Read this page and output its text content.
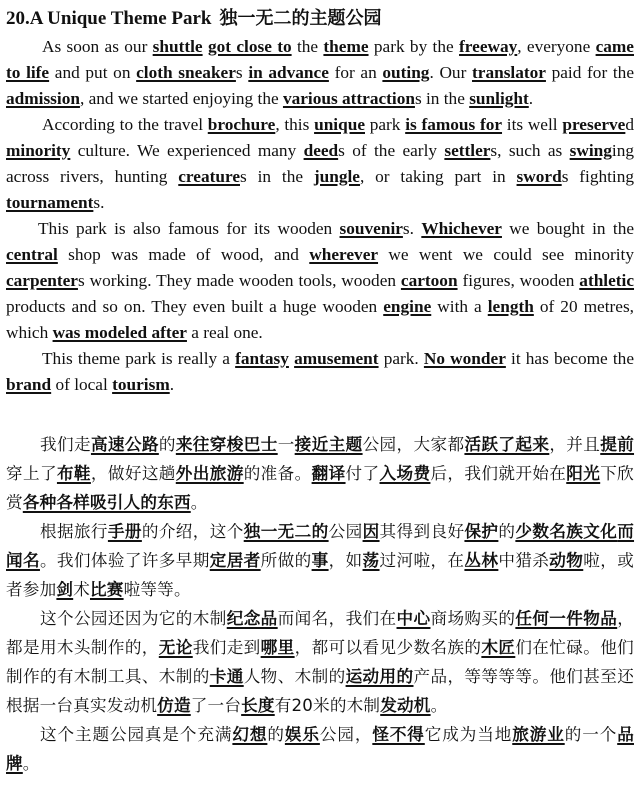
20.A Unique Theme Park 独一无二的主题公园

As soon as our shuttle got close to the theme park by the freeway, everyone came to life and put on cloth sneakers in advance for an outing. Our translator paid for the admission, and we started enjoying the various attractions in the sunlight.

According to the travel brochure, this unique park is famous for its well preserved minority culture. We experienced many deeds of the early settlers, such as swinging across rivers, hunting creatures in the jungle, or taking part in swords fighting tournaments.

This park is also famous for its wooden souvenirs. Whichever we bought in the central shop was made of wood, and wherever we went we could see minority carpenters working. They made wooden tools, wooden cartoon figures, wooden athletic products and so on. They even built a huge wooden engine with a length of 20 metres, which was modeled after a real one.

This theme park is really a fantasy amusement park. No wonder it has become the brand of local tourism.

我们走高速公路的来往穿梭巴士一接近主题公园，大家都活跃了起来，并且提前穿上了布鞋，做好这趟外出旅游的准备。翻译付了入场费后，我们就开始在阳光下欣赏各种各样吸引人的东西。

根据旅行手册的介绍，这个独一无二的公园因其得到良好保护的少数名族文化而闻名。我们体验了许多早期定居者所做的事，如荡过河啦，在丛林中猎杀动物啦，或者参加剑术比赛啦等等。

这个公园还因为它的木制纪念品而闻名，我们在中心商场购买的任何一件物品，都是用木头制作的，无论我们走到哪里，都可以看见少数名族的木匠们在忙碌。他们制作的有木制工具、木制的卡通人物、木制的运动用的产品，等等等等。他们甚至还根据一台真实发动机仿造了一台长度有20米的木制发动机。

这个主题公园真是个充满幻想的娱乐公园，怪不得它成为当地旅游业的一个品牌。
